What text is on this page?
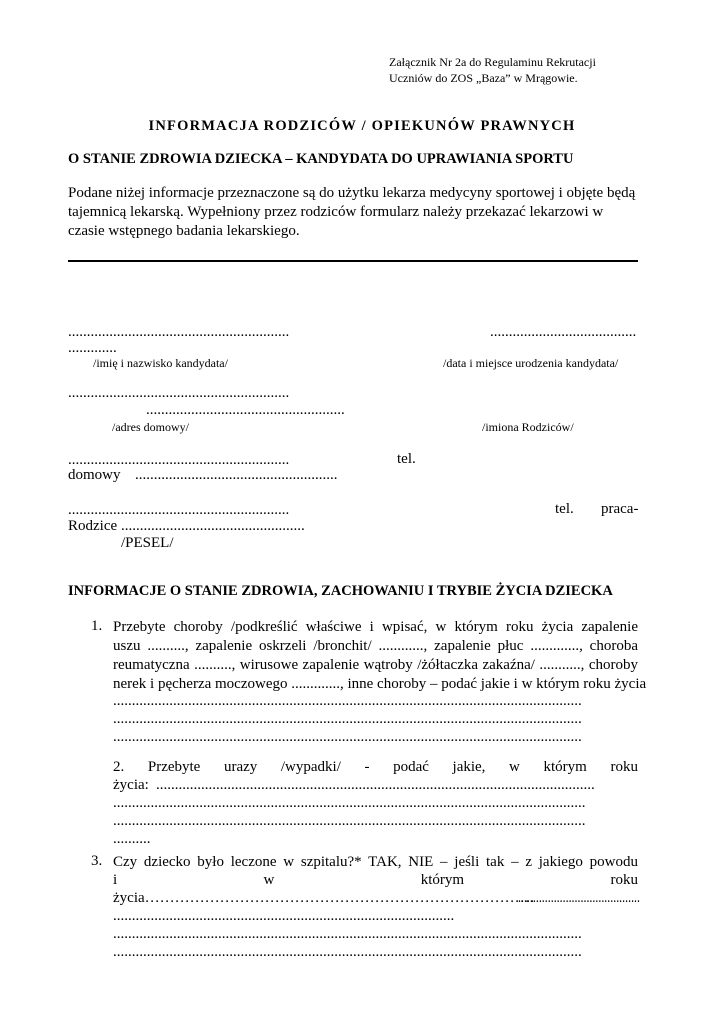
Załącznik Nr 2a do Regulaminu Rekrutacji
Uczniów do ZOS „Baza” w Mrągowie.
INFORMACJA RODZICÓW / OPIEKUNÓW PRAWNYCH
O STANIE ZDROWIA DZIECKA – KANDYDATA DO UPRAWIANIA SPORTU
Podane niżej informacje przeznaczone są do użytku lekarza medycyny sportowej i objęte będą tajemnicą lekarską. Wypełniony przez rodziców formularz należy przekazać lekarzowi w czasie wstępnego badania lekarskiego.
...........................................................	.......................................
.............
/imię i nazwisko kandydata/	/data i miejsce urodzenia kandydata/
...........................................................
.....................................................
/adres domowy/	/imiona Rodziców/
...........................................................	tel.
domowy ......................................................
...........................................................	tel. praca-
Rodzice .................................................
/PESEL/
INFORMACJE O STANIE ZDROWIA, ZACHOWANIU I TRYBIE ŻYCIA DZIECKA
1. Przebyte choroby /podkreślić właściwe i wpisać, w którym roku życia zapalenie
uszu .........., zapalenie oskrzeli /bronchit/ ............, zapalenie płuc ............., choroba
reumatyczna .........., wirusowe zapalenie wątroby /żółtaczka zakaźna/ ..........., choroby
nerek i pęcherza moczowego ............., inne choroby – podać jakie i w którym roku życia
.............................................................................................................................
.............................................................................................................................
.............................................................................................................................
2. Przebyte urazy /wypadki/ - podać jakie, w którym roku
życia: .....................................................................................................................
..............................................................................................................................
..............................................................................................................................
..........
3. Czy dziecko było leczone w szpitalu?* TAK, NIE – jeśli tak – z jakiego powodu
i	w	którym	roku
życia……………………………………………………………………
.........................................
...........................................................................................
.............................................................................................................................
.............................................................................................................................
